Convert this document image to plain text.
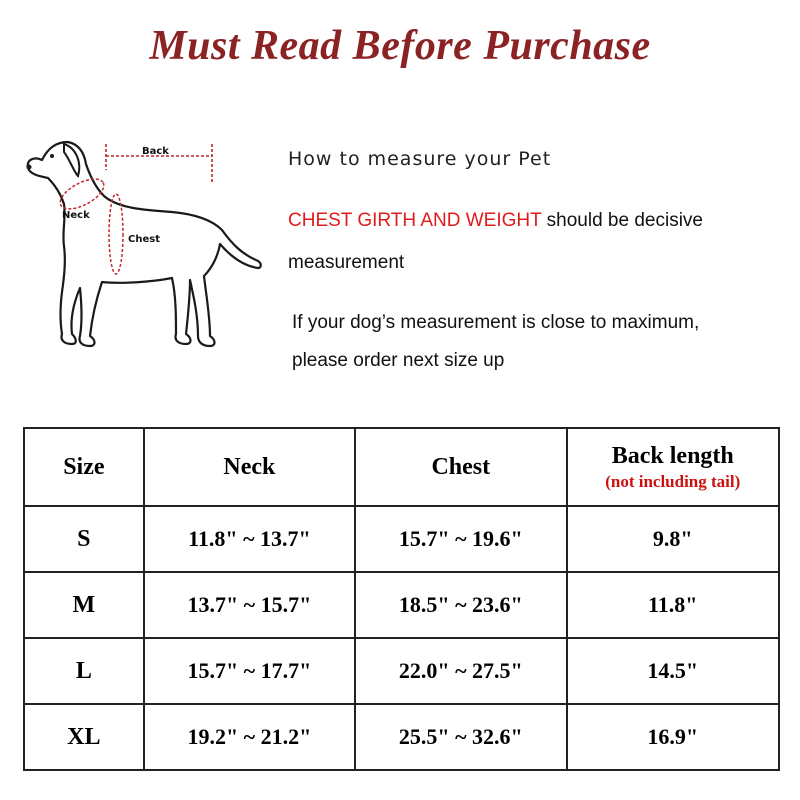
Must Read Before Purchase
Back
Neck
Chest
How to measure your Pet
CHEST GIRTH AND WEIGHT should be decisive
measurement
If your dog’s measurement is close to maximum,
please order next size up
Size	Neck	Chest	Back length
(not including tail)

S	11.8" ~ 13.7"	15.7" ~ 19.6"	9.8"
M	13.7" ~ 15.7"	18.5" ~ 23.6"	11.8"
L	15.7" ~ 17.7"	22.0" ~ 27.5"	14.5"
XL	19.2" ~ 21.2"	25.5" ~ 32.6"	16.9"
